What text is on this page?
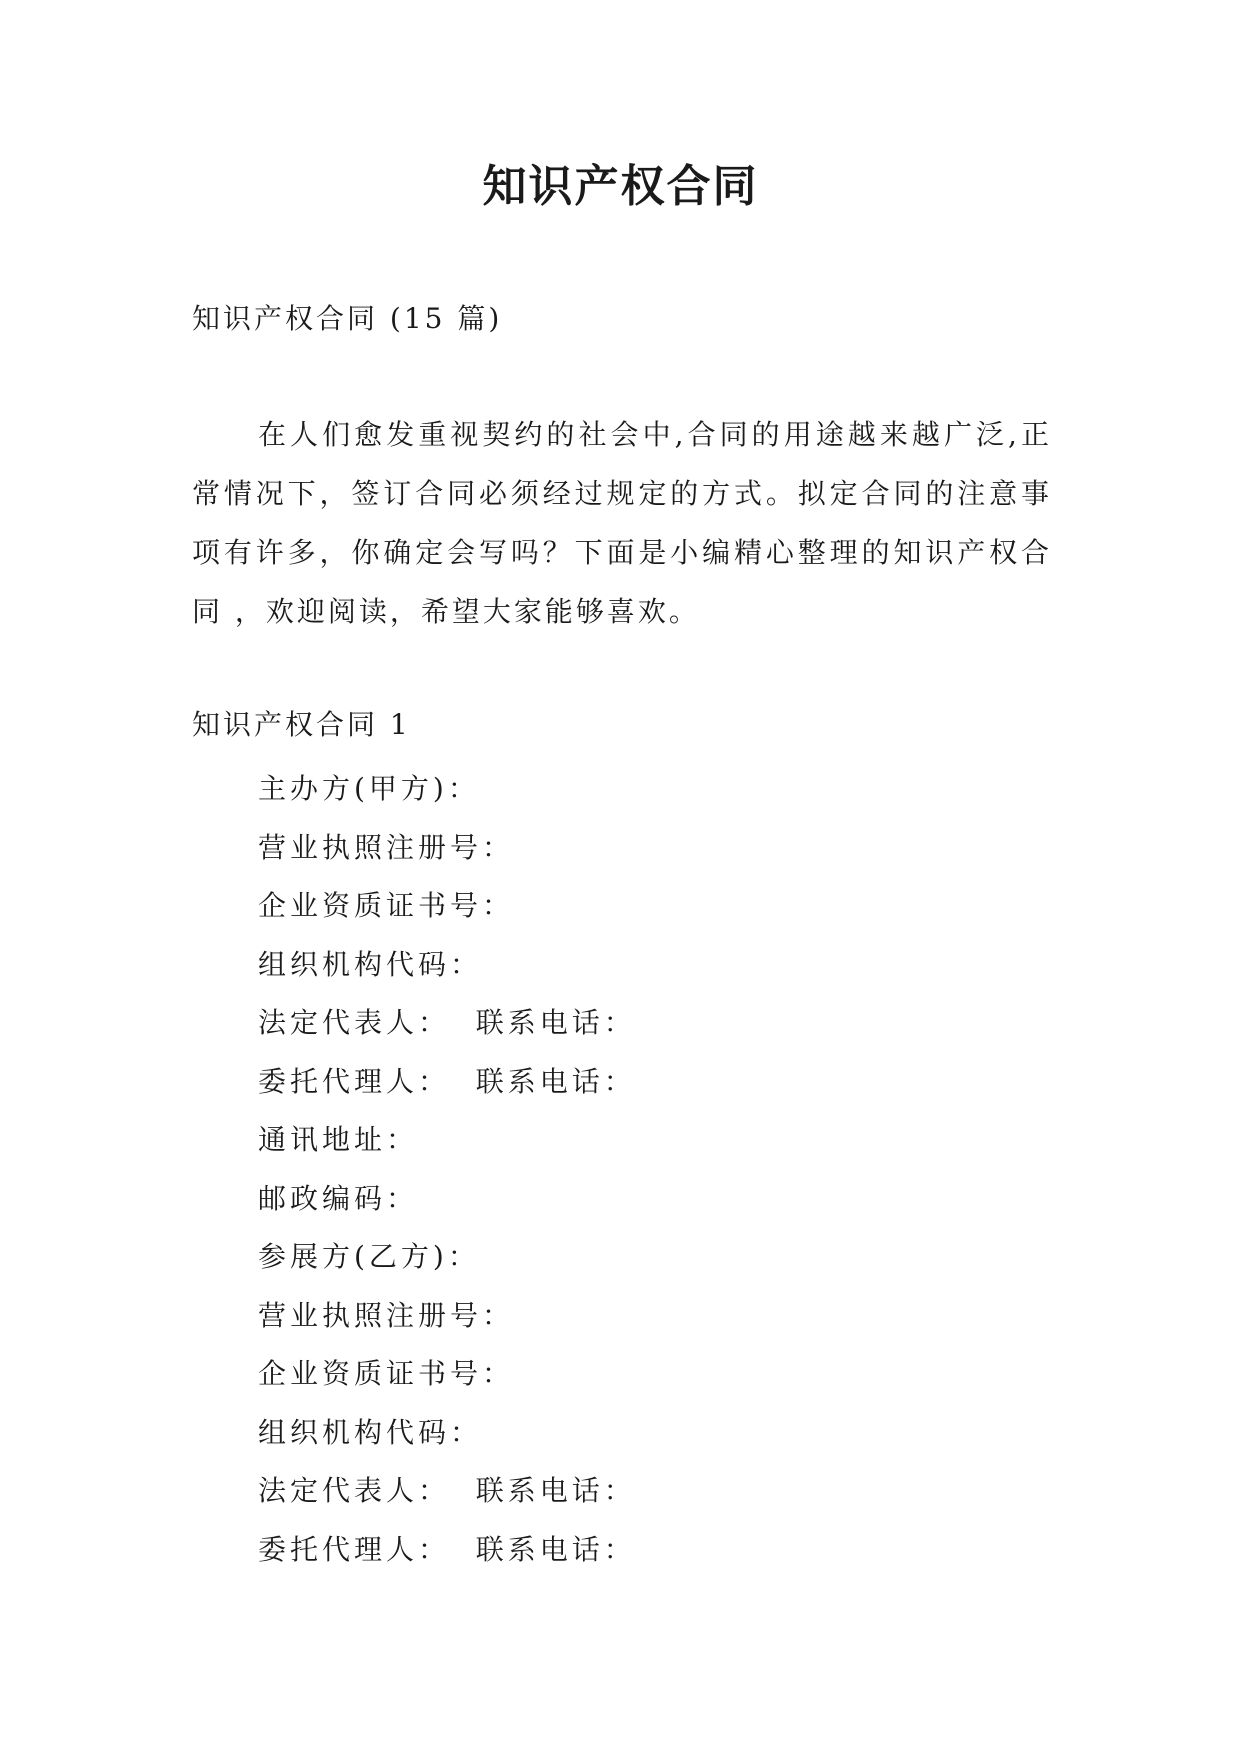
知识产权合同

知识产权合同 (15 篇)

在人们愈发重视契约的社会中,合同的用途越来越广泛,正常情况下，签订合同必须经过规定的方式。拟定合同的注意事项有许多，你确定会写吗？下面是小编精心整理的知识产权合同 ，欢迎阅读，希望大家能够喜欢。

知识产权合同 1

主办方(甲方)：
营业执照注册号：
企业资质证书号：
组织机构代码：
法定代表人：  联系电话：
委托代理人：  联系电话：
通讯地址：
邮政编码：
参展方(乙方)：
营业执照注册号：
企业资质证书号：
组织机构代码：
法定代表人：  联系电话：
委托代理人：  联系电话：
